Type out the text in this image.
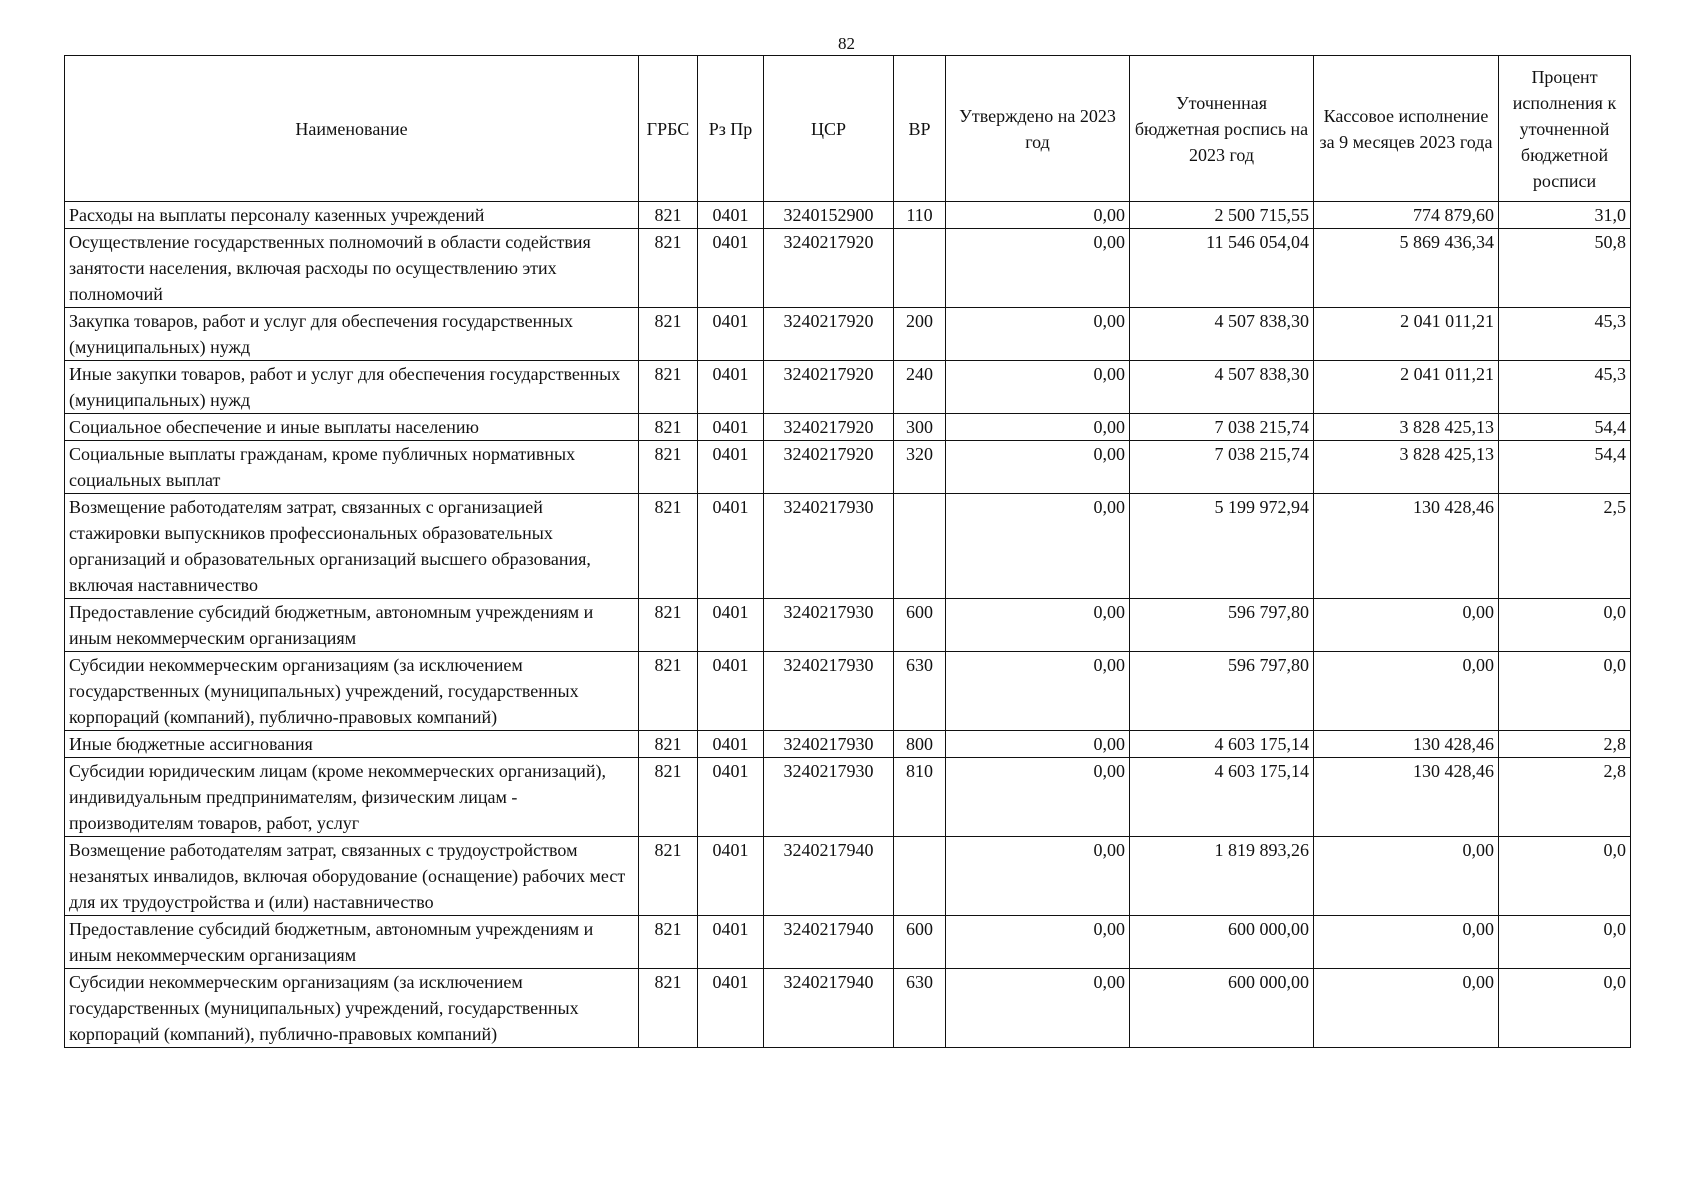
82
Наименование	ГРБС	Рз Пр	ЦСР	ВР	Утверждено на 2023 год	Уточненная бюджетная роспись на 2023 год	Кассовое исполнение за 9 месяцев 2023 года	Процент исполнения к уточненной бюджетной росписи
Расходы на выплаты персоналу казенных учреждений	821	0401	3240152900	110	0,00	2 500 715,55	774 879,60	31,0
Осуществление государственных полномочий в области содействия занятости населения, включая расходы по осуществлению этих полномочий	821	0401	3240217920		0,00	11 546 054,04	5 869 436,34	50,8
Закупка товаров, работ и услуг для обеспечения государственных (муниципальных) нужд	821	0401	3240217920	200	0,00	4 507 838,30	2 041 011,21	45,3
Иные закупки товаров, работ и услуг для обеспечения государственных (муниципальных) нужд	821	0401	3240217920	240	0,00	4 507 838,30	2 041 011,21	45,3
Социальное обеспечение и иные выплаты населению	821	0401	3240217920	300	0,00	7 038 215,74	3 828 425,13	54,4
Социальные выплаты гражданам, кроме публичных нормативных социальных выплат	821	0401	3240217920	320	0,00	7 038 215,74	3 828 425,13	54,4
Возмещение работодателям затрат, связанных с организацией стажировки выпускников профессиональных образовательных организаций и образовательных организаций высшего образования, включая наставничество	821	0401	3240217930		0,00	5 199 972,94	130 428,46	2,5
Предоставление субсидий бюджетным, автономным учреждениям и иным некоммерческим организациям	821	0401	3240217930	600	0,00	596 797,80	0,00	0,0
Субсидии некоммерческим организациям (за исключением государственных (муниципальных) учреждений, государственных корпораций (компаний), публично-правовых компаний)	821	0401	3240217930	630	0,00	596 797,80	0,00	0,0
Иные бюджетные ассигнования	821	0401	3240217930	800	0,00	4 603 175,14	130 428,46	2,8
Субсидии юридическим лицам (кроме некоммерческих организаций), индивидуальным предпринимателям, физическим лицам - производителям товаров, работ, услуг	821	0401	3240217930	810	0,00	4 603 175,14	130 428,46	2,8
Возмещение работодателям затрат, связанных с трудоустройством незанятых инвалидов, включая оборудование (оснащение) рабочих мест для их трудоустройства и (или) наставничество	821	0401	3240217940		0,00	1 819 893,26	0,00	0,0
Предоставление субсидий бюджетным, автономным учреждениям и иным некоммерческим организациям	821	0401	3240217940	600	0,00	600 000,00	0,00	0,0
Субсидии некоммерческим организациям (за исключением государственных (муниципальных) учреждений, государственных корпораций (компаний), публично-правовых компаний)	821	0401	3240217940	630	0,00	600 000,00	0,00	0,0
